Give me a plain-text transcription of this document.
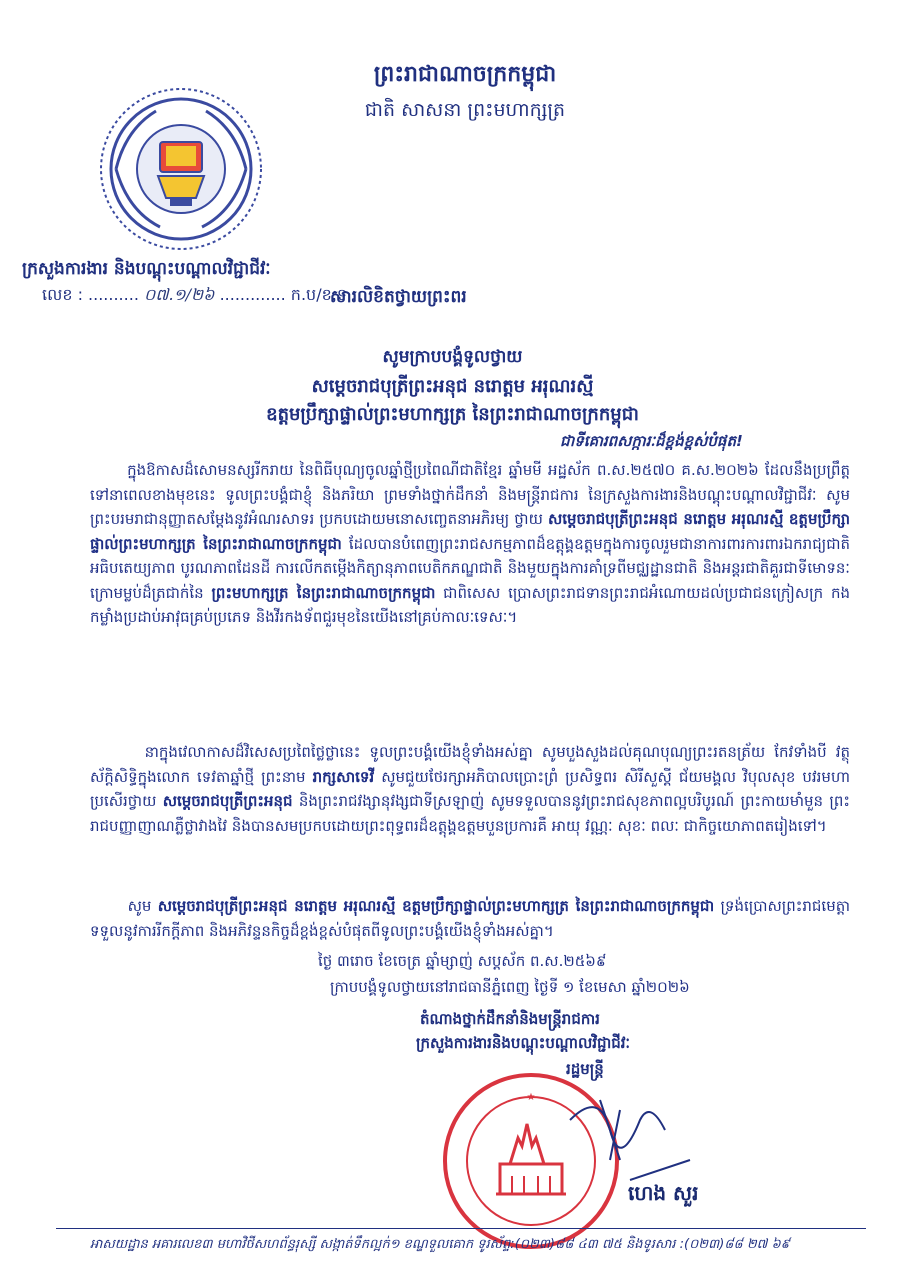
ព្រះរាជាណាចក្រកម្ពុជា
ជាតិ សាសនា ព្រះមហាក្សត្រ
ក្រសួងការងារ និងបណ្តុះបណ្តាលវិជ្ជាជីវៈ
លេខ : .......... ០៧.១/២៦ ............. ក.ប/ខ.ទ
សារលិខិតថ្វាយព្រះពរ
សូមក្រាបបង្គំទូលថ្វាយ
សម្តេចរាជបុត្រីព្រះអនុជ នរោត្តម អរុណរស្មី
ឧត្តមប្រឹក្សាផ្ទាល់ព្រះមហាក្សត្រ នៃព្រះរាជាណាចក្រកម្ពុជា
ជាទីគោរពសក្ការៈដ៏ខ្ពង់ខ្ពស់បំផុត!
ក្នុងឱកាសដ៏សោមនស្សរីករាយ នៃពិធីបុណ្យចូលឆ្នាំថ្មីប្រពៃណីជាតិខ្មែរ ឆ្នាំមមី អដ្ឋស័ក ព.ស.២៥៧០ គ.ស.២០២៦ ដែលនឹងប្រព្រឹត្តទៅនាពេលខាងមុខនេះ ទូលព្រះបង្គំជាខ្ញុំ និងភរិយា ព្រមទាំងថ្នាក់ដឹកនាំ និងមន្ត្រីរាជការ នៃក្រសួងការងារនិងបណ្តុះបណ្តាលវិជ្ជាជីវៈ សូមព្រះបរមរាជានុញ្ញាតសម្តែងនូវអំណរសាទរ ប្រកបដោយមនោសញ្ចេតនាអភិរម្យ ថ្វាយ សម្តេចរាជបុត្រីព្រះអនុជ នរោត្តម អរុណរស្មី ឧត្តមប្រឹក្សាផ្ទាល់ព្រះមហាក្សត្រ នៃព្រះរាជាណាចក្រកម្ពុជា ដែលបានបំពេញព្រះរាជសកម្មភាពដ៏ឧត្តុង្គឧត្តមក្នុងការចូលរួមជានាការពារការពារឯករាជ្យជាតិ អធិបតេយ្យភាព បូរណភាពដែនដី ការលើកតម្កើងកិត្យានុភាពបេតិកភណ្ឌជាតិ និងមួយក្នុងការគាំទ្រពីមជ្ឈដ្ឋានជាតិ និងអន្តរជាតិគួរជាទីមោទនៈ ក្រោមម្លប់ដ៏ត្រជាក់នៃ ព្រះមហាក្សត្រ នៃព្រះរាជាណាចក្រកម្ពុជា ជាពិសេស ប្រោសព្រះរាជទានព្រះរាជអំណោយដល់ប្រជាជនក្រៀសក្រ កងកម្លាំងប្រដាប់អាវុធគ្រប់ប្រភេទ និងវីរកងទ័ពជួរមុខនៃយើងនៅគ្រប់កាលៈទេសៈ។
នាក្នុងវេលាកាសដ៏វិសេសប្រពៃថ្លៃថ្លានេះ ទូលព្រះបង្គំយើងខ្ញុំទាំងអស់គ្នា សូមបួងសួងដល់គុណបុណ្យព្រះរតនត្រ័យ កែវទាំងបី វត្ថុស័ក្តិសិទ្ធិក្នុងលោក ទេវតាឆ្នាំថ្មី ព្រះនាម រាក្សសាទេវី សូមជួយថែរក្សាអភិបាលប្រោះព្រំ ប្រសិទ្ធពរ សិរីសួស្តី ជ័យមង្គល វិបុលសុខ បវរមហាប្រសើរថ្វាយ សម្តេចរាជបុត្រីព្រះអនុជ និងព្រះរាជវង្សានុវង្សជាទីស្រឡាញ់ សូមទទួលបាននូវព្រះរាជសុខភាពល្អបរិបូរណ៍ ព្រះកាយមាំមួន ព្រះរាជបញ្ញាញាណភ្លឺថ្លាវាងវៃ និងបានសមប្រកបដោយព្រះពុទ្ធពរដ៏ឧត្តុង្គឧត្តមបួនប្រការគឺ អាយុ វណ្ណៈ សុខៈ ពលៈ ជាកិច្ចយោភាពតរៀងទៅ។
សូម សម្តេចរាជបុត្រីព្រះអនុជ នរោត្តម អរុណរស្មី ឧត្តមប្រឹក្សាផ្ទាល់ព្រះមហាក្សត្រ នៃព្រះរាជាណាចក្រកម្ពុជា ទ្រង់ប្រោសព្រះរាជមេត្តាទទួលនូវការរីកក្តីភាព និងអភិវន្ទនកិច្ចដ៏ខ្ពង់ខ្ពស់បំផុតពីទូលព្រះបង្គំយើងខ្ញុំទាំងអស់គ្នា។
ថ្ងៃ ៣រោច ខែចេត្រ ឆ្នាំម្សាញ់ សប្តស័ក ព.ស.២៥៦៩
ក្រាបបង្គំទូលថ្វាយនៅរាជធានីភ្នំពេញ ថ្ងៃទី ១ ខែមេសា ឆ្នាំ២០២៦
តំណាងថ្នាក់ដឹកនាំនិងមន្ត្រីរាជការ
ក្រសួងការងារនិងបណ្តុះបណ្តាលវិជ្ជាជីវៈ
★
រដ្ឋមន្ត្រី
ហេង សួរ
អាសយដ្ឋាន អគារលេខ៣ មហាវិថីសហព័ន្ធរុស្សី សង្កាត់ទឹកល្អក់១ ខណ្ឌទួលគោក ទូរស័ព្ទ:(០២៣)៨៨ ៤៣ ៧៥ និងទូរសារ :(០២៣)៨៨ ២៧ ៦៩
